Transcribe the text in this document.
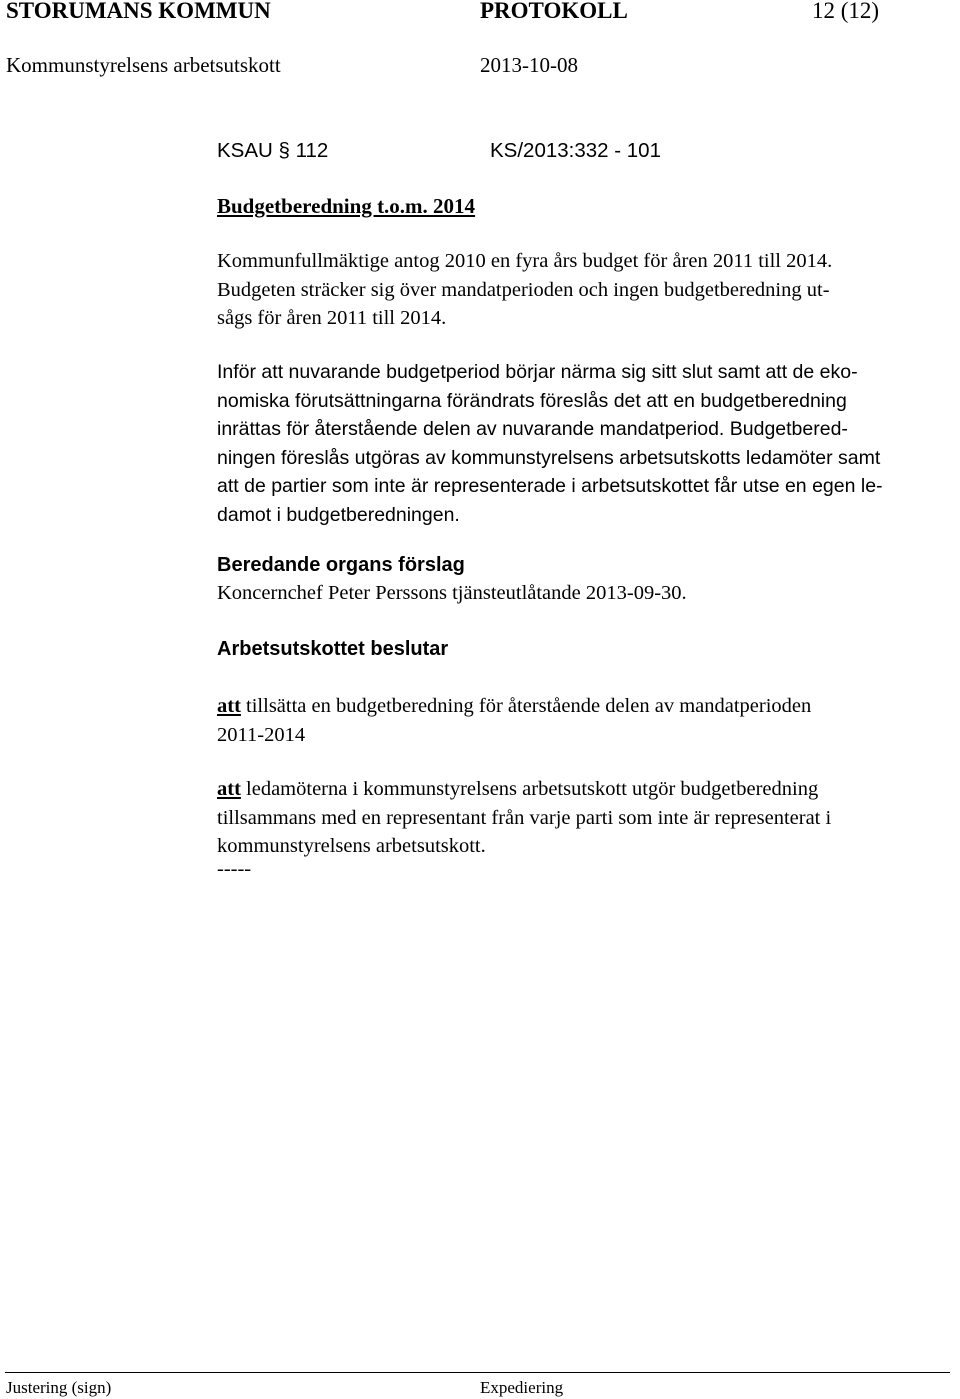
STORUMANS KOMMUN	PROTOKOLL	12 (12)
Kommunstyrelsens arbetsutskott	2013-10-08
KSAU § 112	KS/2013:332 - 101
Budgetberedning t.o.m. 2014
Kommunfullmäktige antog 2010 en fyra års budget för åren 2011 till 2014.
Budgeten sträcker sig över mandatperioden och ingen budgetberedning ut-
sågs för åren 2011 till 2014.
Inför att nuvarande budgetperiod börjar närma sig sitt slut samt att de eko-
nomiska förutsättningarna förändrats föreslås det att en budgetberedning
inrättas för återstående delen av nuvarande mandatperiod. Budgetbered-
ningen föreslås utgöras av kommunstyrelsens arbetsutskotts ledamöter samt
att de partier som inte är representerade i arbetsutskottet får utse en egen le-
damot i budgetberedningen.
Beredande organs förslag
Koncernchef Peter Perssons tjänsteutlåtande 2013-09-30.
Arbetsutskottet beslutar
att tillsätta en budgetberedning för återstående delen av mandatperioden
2011-2014
att ledamöterna i kommunstyrelsens arbetsutskott utgör budgetberedning
tillsammans med en representant från varje parti som inte är representerat i
kommunstyrelsens arbetsutskott.
-----
Justering (sign)	Expediering
